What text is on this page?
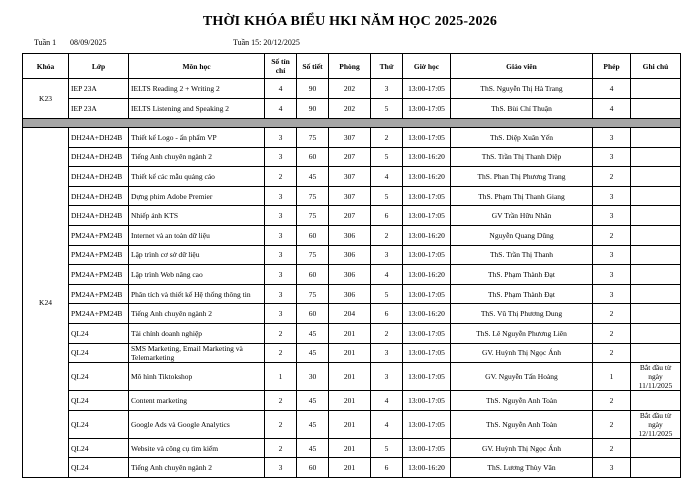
THỜI KHÓA BIỂU HKI NĂM HỌC 2025-2026
Tuần 1 08/09/2025	Tuần 15: 20/12/2025
Khóa	Lớp	Môn học	Số tín chỉ	Số tiết	Phòng	Thứ	Giờ học	Giáo viên	Phép	Ghi chú
K23	IEP 23A	IELTS Reading 2 + Writing 2	4	90	202	3	13:00-17:05	ThS. Nguyễn Thị Hà Trang	4	
	IEP 23A	IELTS Listening and Speaking 2	4	90	202	5	13:00-17:05	ThS. Bùi Chí Thuận	4	

K24	DH24A+DH24B	Thiết kế Logo - ấn phẩm VP	3	75	307	2	13:00-17:05	ThS. Diệp Xuân Yến	3	
	DH24A+DH24B	Tiếng Anh chuyên ngành 2	3	60	207	5	13:00-16:20	ThS. Trần Thị Thanh Diệp	3	
	DH24A+DH24B	Thiết kế các mẫu quảng cáo	2	45	307	4	13:00-16:20	ThS. Phan Thị Phương Trang	2	
	DH24A+DH24B	Dựng phim Adobe Premier	3	75	307	5	13:00-17:05	ThS. Phạm Thị Thanh Giang	3	
	DH24A+DH24B	Nhiếp ảnh KTS	3	75	207	6	13:00-17:05	GV Trần Hữu Nhân	3	
	PM24A+PM24B	Internet và an toàn dữ liệu	3	60	306	2	13:00-16:20	Nguyễn Quang Dũng	2	
	PM24A+PM24B	Lập trình cơ sở dữ liệu	3	75	306	3	13:00-17:05	ThS. Trần Thị Thanh	3	
	PM24A+PM24B	Lập trình Web nâng cao	3	60	306	4	13:00-16:20	ThS. Phạm Thành Đạt	3	
	PM24A+PM24B	Phân tích và thiết kế Hệ thống thông tin	3	75	306	5	13:00-17:05	ThS. Phạm Thành Đạt	3	
	PM24A+PM24B	Tiếng Anh chuyên ngành 2	3	60	204	6	13:00-16:20	ThS. Vũ Thị Phương Dung	2	
	QL24	Tài chính doanh nghiệp	2	45	201	2	13:00-17:05	ThS. Lê Nguyễn Phương Liên	2	
	QL24	SMS Marketing, Email Marketing và Telemarketing	2	45	201	3	13:00-17:05	GV. Huỳnh Thị Ngọc Ánh	2	
	QL24	Mô hình Tiktokshop	1	30	201	3	13:00-17:05	GV. Nguyễn Tấn Hoàng	1	Bắt đầu từ ngày 11/11/2025
	QL24	Content marketing	2	45	201	4	13:00-17:05	ThS. Nguyễn Anh Toàn	2	
	QL24	Google Ads và Google Analytics	2	45	201	4	13:00-17:05	ThS. Nguyễn Anh Toàn	2	Bắt đầu từ ngày 12/11/2025
	QL24	Website và công cụ tìm kiếm	2	45	201	5	13:00-17:05	GV. Huỳnh Thị Ngọc Ánh	2	
	QL24	Tiếng Anh chuyên ngành 2	3	60	201	6	13:00-16:20	ThS. Lương Thùy Vân	3	
